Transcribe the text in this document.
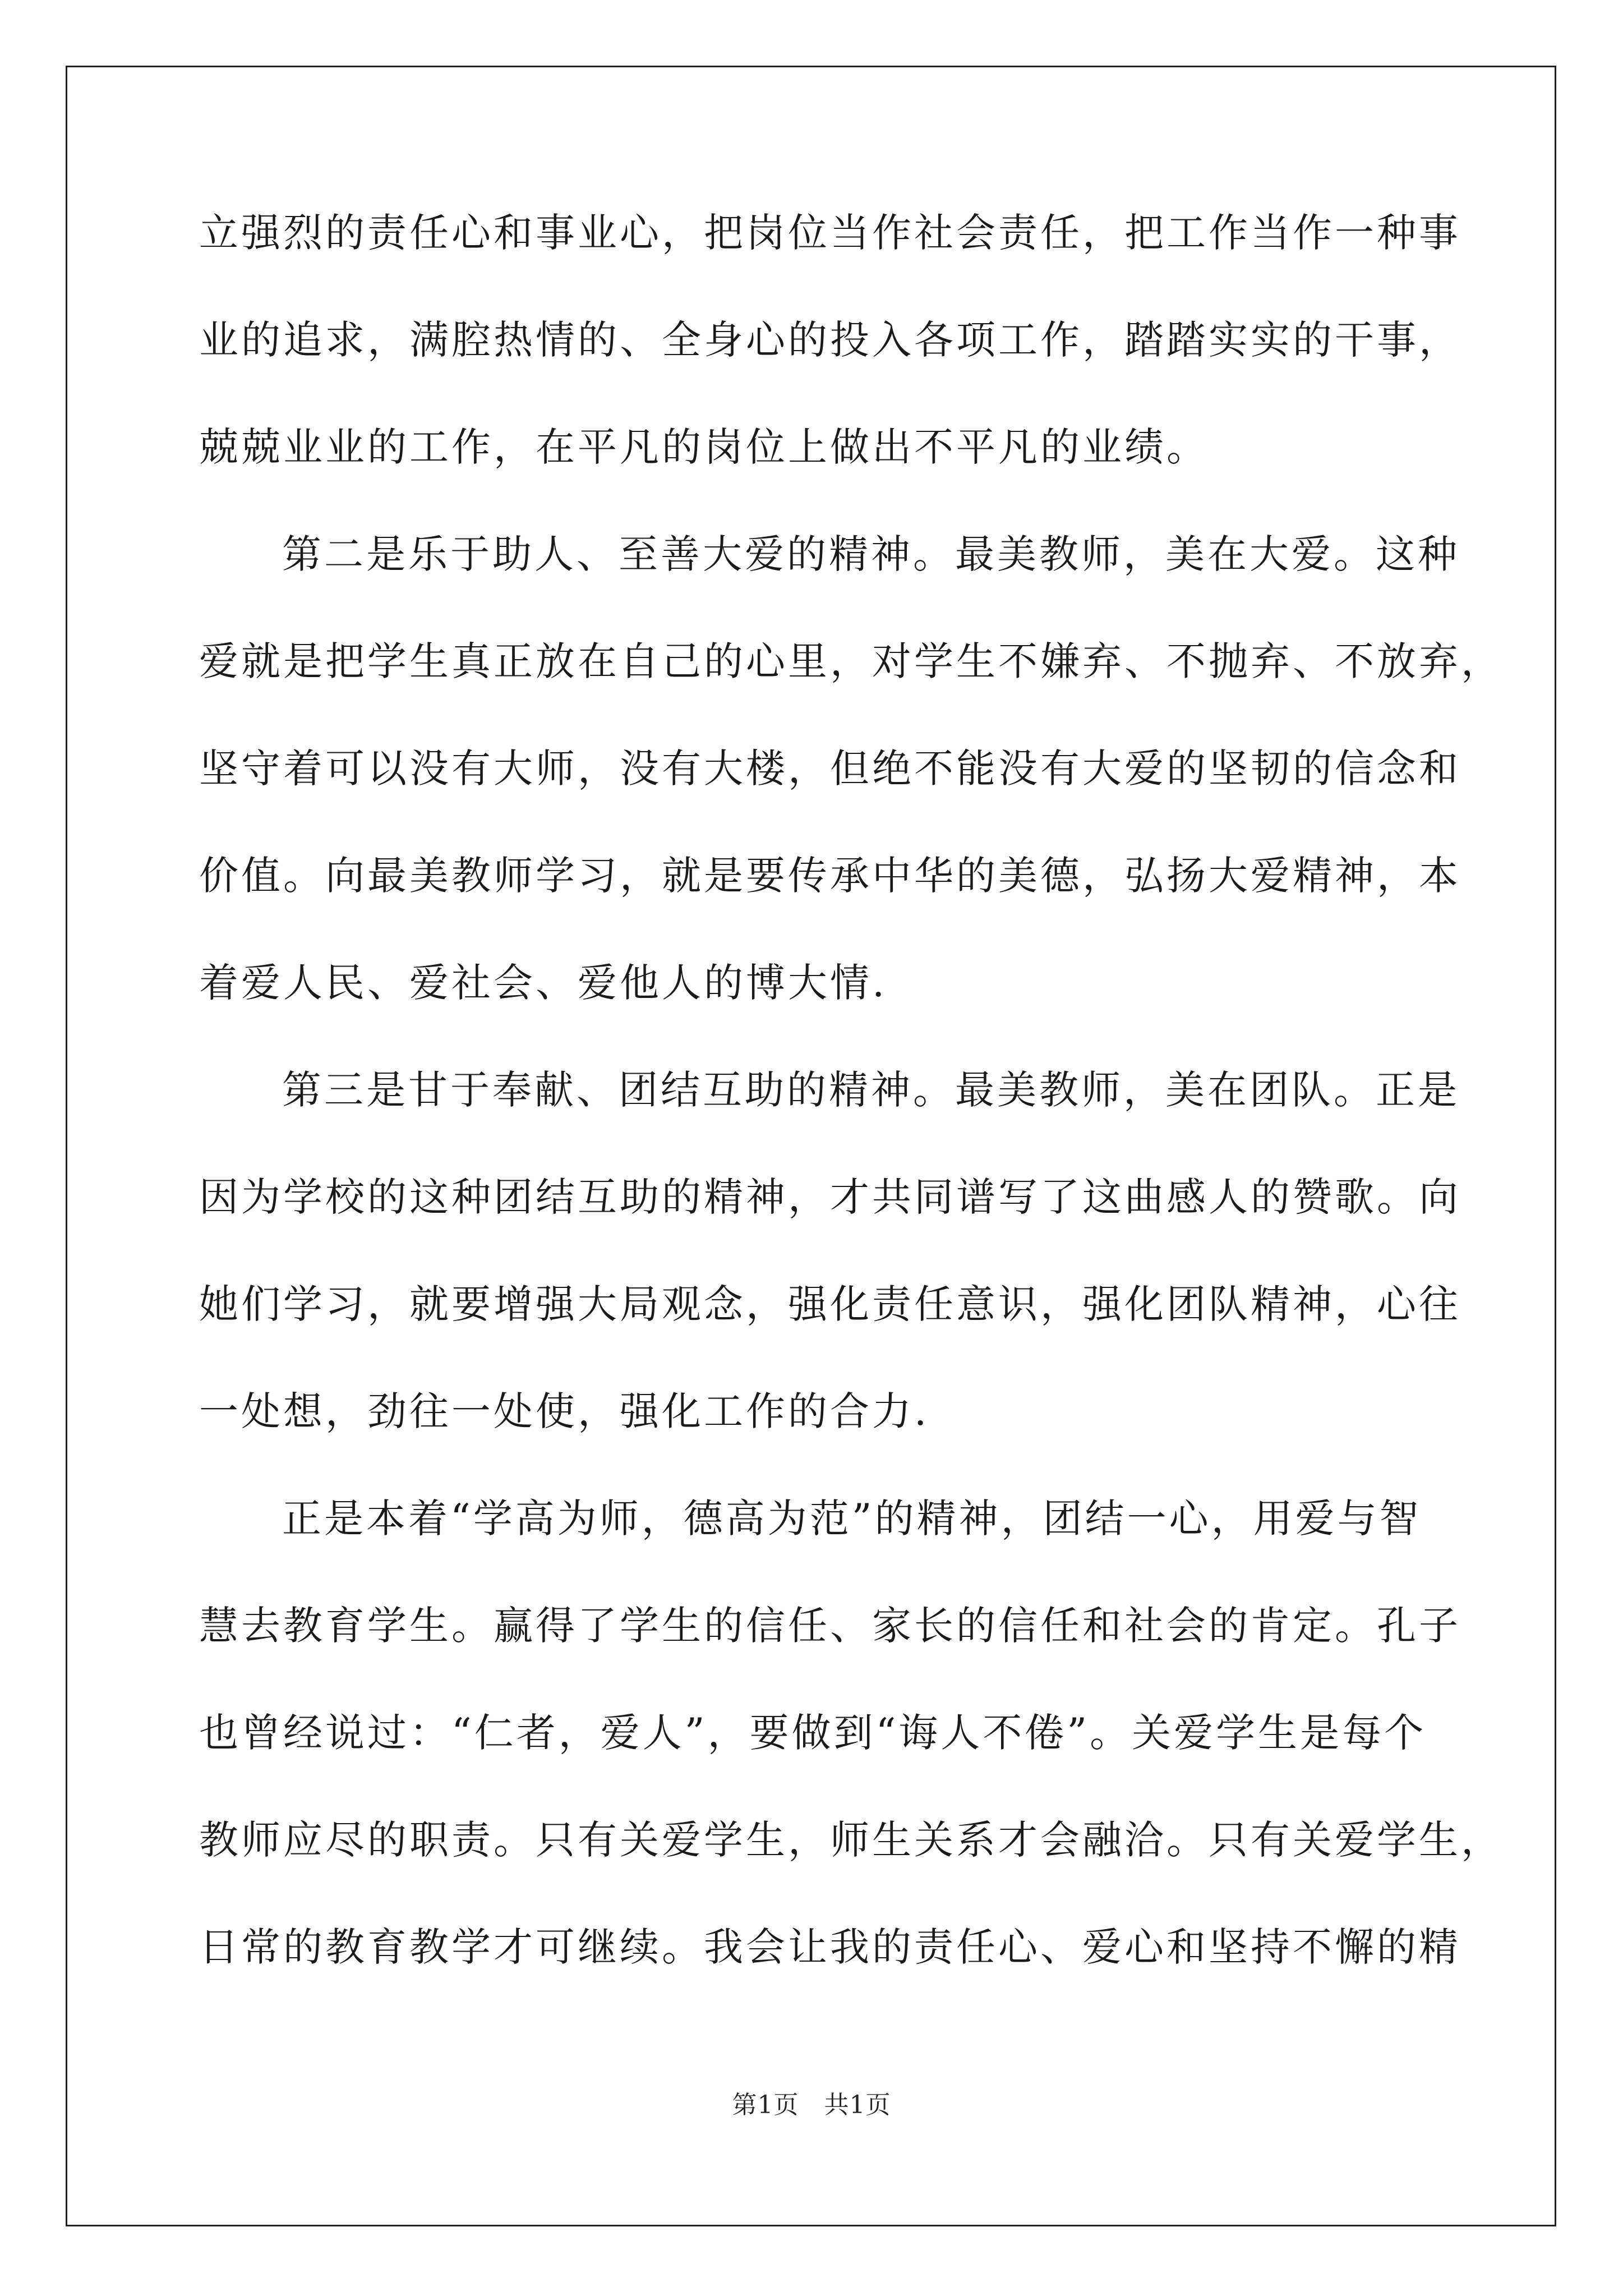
立强烈的责任心和事业心，把岗位当作社会责任，把工作当作一种事
业的追求，满腔热情的、全身心的投入各项工作，踏踏实实的干事，
兢兢业业的工作，在平凡的岗位上做出不平凡的业绩。
第二是乐于助人、至善大爱的精神。最美教师，美在大爱。这种
爱就是把学生真正放在自己的心里，对学生不嫌弃、不抛弃、不放弃，
坚守着可以没有大师，没有大楼，但绝不能没有大爱的坚韧的信念和
价值。向最美教师学习，就是要传承中华的美德，弘扬大爱精神，本
着爱人民、爱社会、爱他人的博大情.
第三是甘于奉献、团结互助的精神。最美教师，美在团队。正是
因为学校的这种团结互助的精神，才共同谱写了这曲感人的赞歌。向
她们学习，就要增强大局观念，强化责任意识，强化团队精神，心往
一处想，劲往一处使，强化工作的合力.
正是本着“学高为师，德高为范”的精神，团结一心，用爱与智
慧去教育学生。赢得了学生的信任、家长的信任和社会的肯定。孔子
也曾经说过：“仁者，爱人”，要做到“诲人不倦”。关爱学生是每个
教师应尽的职责。只有关爱学生，师生关系才会融洽。只有关爱学生，
日常的教育教学才可继续。我会让我的责任心、爱心和坚持不懈的精
第1页　共1页
